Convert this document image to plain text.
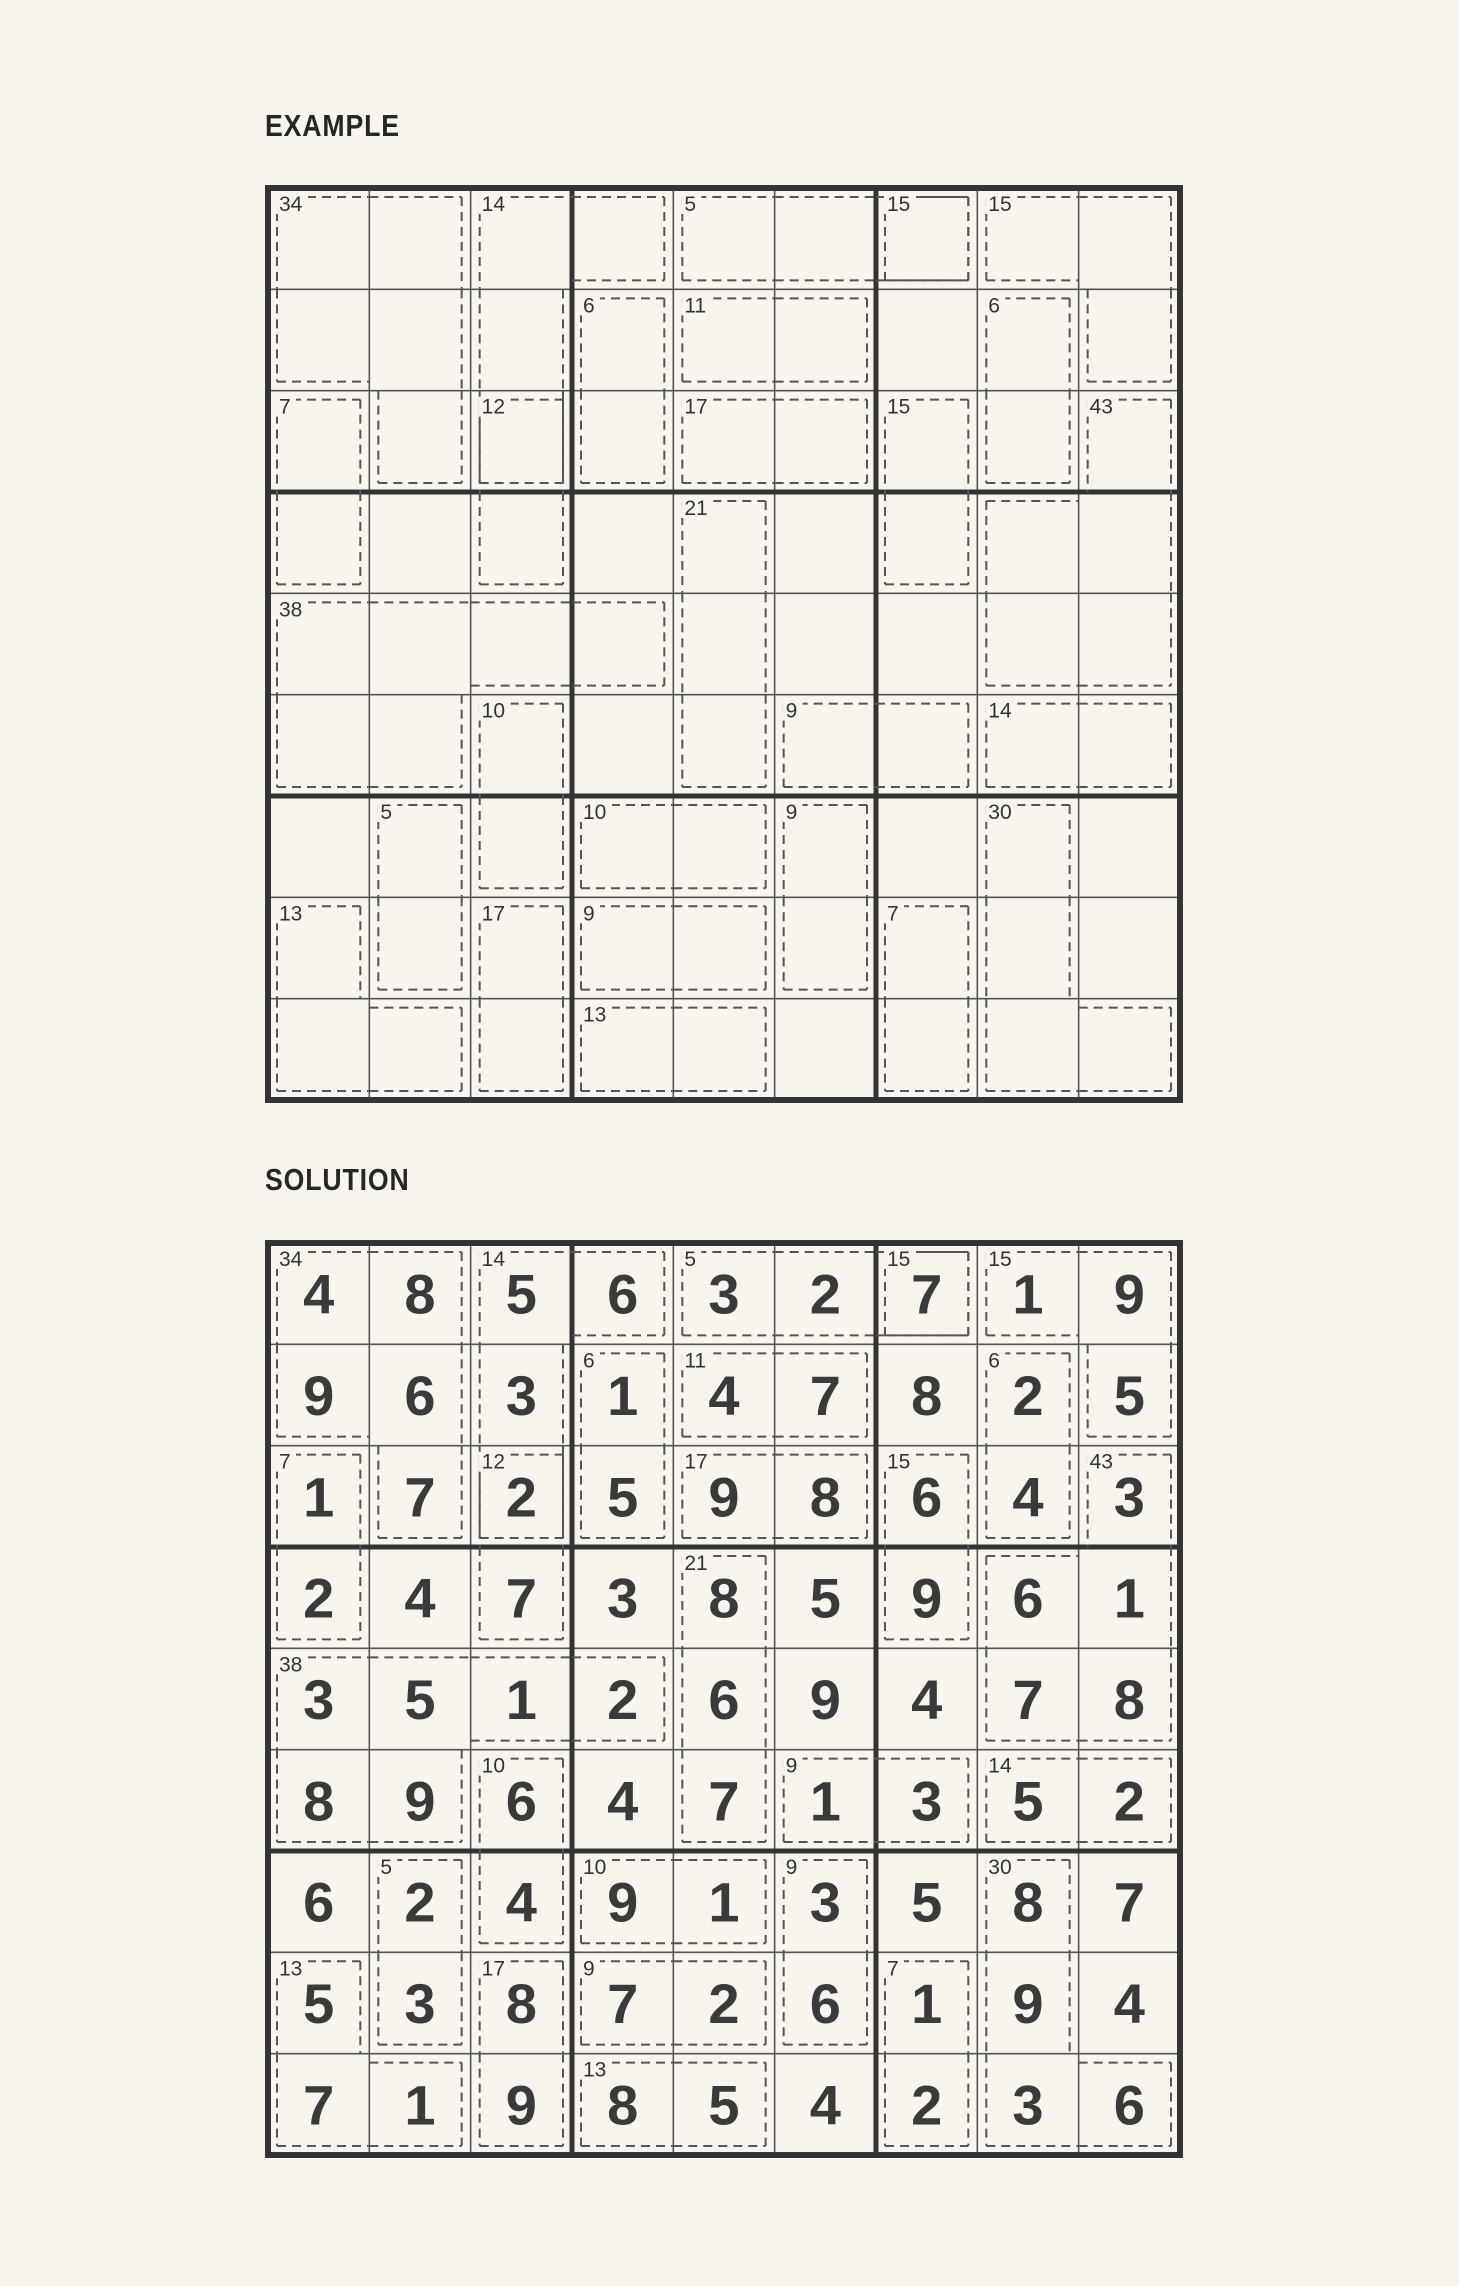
EXAMPLE
34	14	5	15	15
6	11	6
7	12	17	15	43
21
38
10	9	14
5	10	9	30
13	17	9	7
13
SOLUTION
34	14	5	15	15
6	11	6
7	12	17	15	43
21
38
10	9	14
5	10	9	30
13	17	9	7
13
4 8 5 6 3 2 7 1 9
9 6 3 1 4 7 8 2 5
1 7 2 5 9 8 6 4 3
2 4 7 3 8 5 9 6 1
3 5 1 2 6 9 4 7 8
8 9 6 4 7 1 3 5 2
6 2 4 9 1 3 5 8 7
5 3 8 7 2 6 1 9 4
7 1 9 8 5 4 2 3 6
